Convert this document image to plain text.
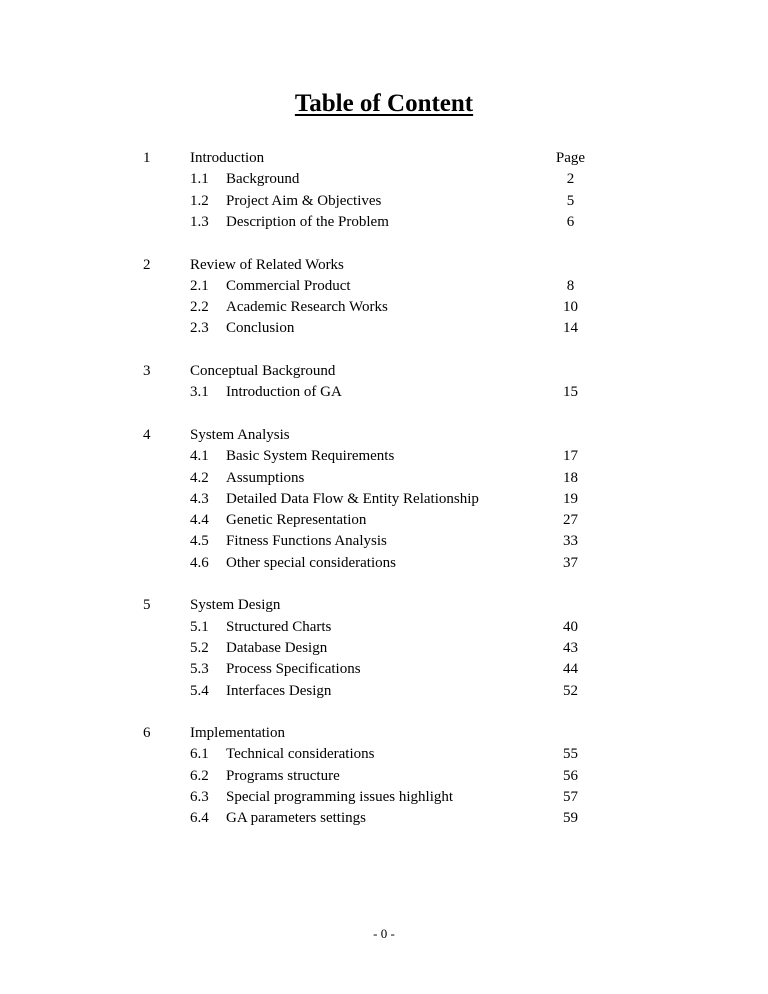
Table of Content
1	Introduction	Page
1.1 Background	2
1.2 Project Aim & Objectives	5
1.3 Description of the Problem	6
2	Review of Related Works
2.1 Commercial Product	8
2.2 Academic Research Works	10
2.3 Conclusion	14
3	Conceptual Background
3.1 Introduction of GA	15
4	System Analysis
4.1 Basic System Requirements	17
4.2 Assumptions	18
4.3 Detailed Data Flow & Entity Relationship	19
4.4 Genetic Representation	27
4.5 Fitness Functions Analysis	33
4.6 Other special considerations	37
5	System Design
5.1 Structured Charts	40
5.2 Database Design	43
5.3 Process Specifications	44
5.4 Interfaces Design	52
6	Implementation
6.1 Technical considerations	55
6.2 Programs structure	56
6.3 Special programming issues highlight	57
6.4 GA parameters settings	59
- 0 -
